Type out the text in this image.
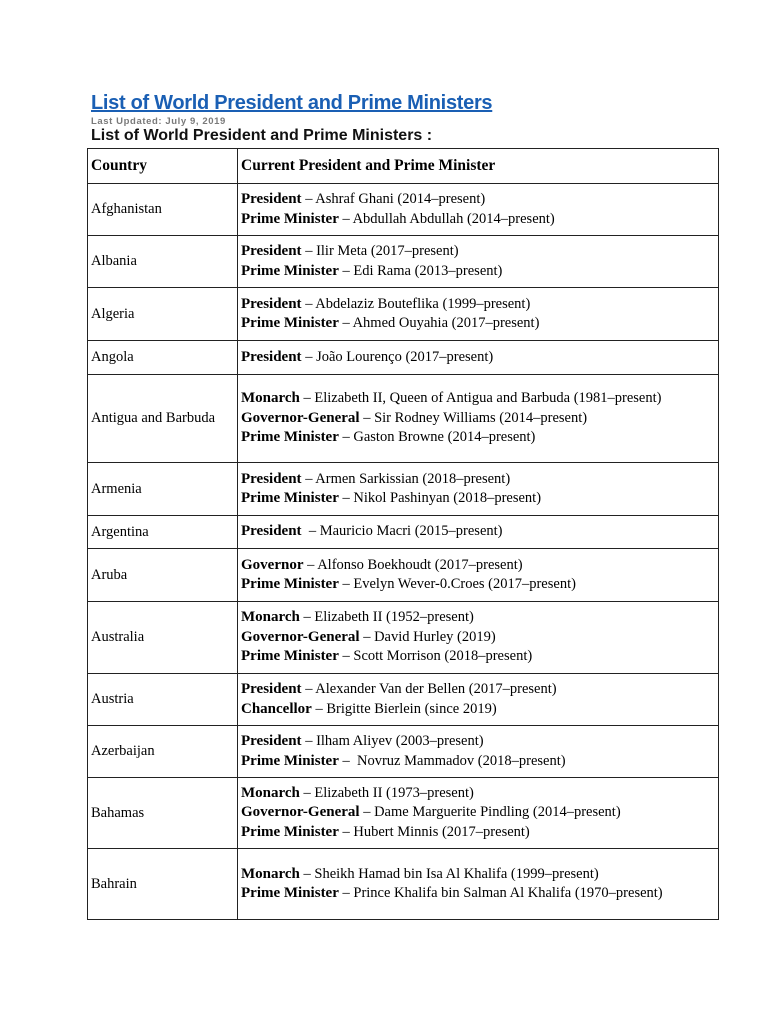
List of World President and Prime Ministers
Last Updated: July 9, 2019
List of World President and Prime Ministers :
Country	Current President and Prime Minister
Afghanistan	President – Ashraf Ghani (2014–present)
Prime Minister – Abdullah Abdullah (2014–present)

Albania	President – Ilir Meta (2017–present)
Prime Minister – Edi Rama (2013–present)

Algeria	President – Abdelaziz Bouteflika (1999–present)
Prime Minister – Ahmed Ouyahia (2017–present)

Angola	President – João Lourenço (2017–present)

Antigua and Barbuda	Monarch – Elizabeth II, Queen of Antigua and Barbuda (1981–present)
Governor-General – Sir Rodney Williams (2014–present)
Prime Minister – Gaston Browne (2014–present)

Armenia	President – Armen Sarkissian (2018–present)
Prime Minister – Nikol Pashinyan (2018–present)

Argentina	President  – Mauricio Macri (2015–present)

Aruba	Governor – Alfonso Boekhoudt (2017–present)
Prime Minister – Evelyn Wever-0.Croes (2017–present)

Australia	Monarch – Elizabeth II (1952–present)
Governor-General – David Hurley (2019)
Prime Minister – Scott Morrison (2018–present)

Austria	President – Alexander Van der Bellen (2017–present)
Chancellor – Brigitte Bierlein (since 2019)

Azerbaijan	President – Ilham Aliyev (2003–present)
Prime Minister –  Novruz Mammadov (2018–present)

Bahamas	Monarch – Elizabeth II (1973–present)
Governor-General – Dame Marguerite Pindling (2014–present)
Prime Minister – Hubert Minnis (2017–present)

Bahrain	Monarch – Sheikh Hamad bin Isa Al Khalifa (1999–present)
Prime Minister – Prince Khalifa bin Salman Al Khalifa (1970–present)
